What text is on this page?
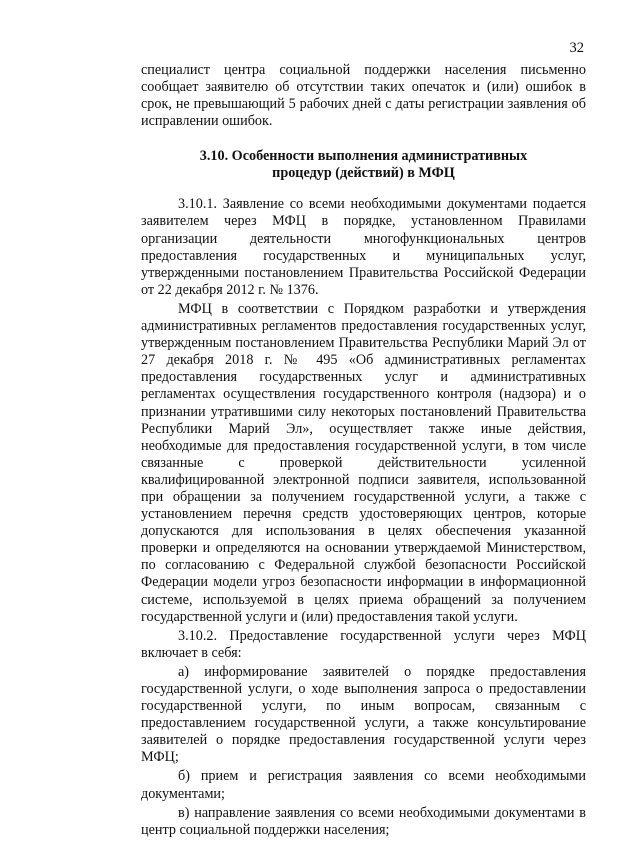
32

специалист центра социальной поддержки населения письменно сообщает заявителю об отсутствии таких опечаток и (или) ошибок в срок, не превышающий 5 рабочих дней с даты регистрации заявления об исправлении ошибок.

3.10. Особенности выполнения административных
процедур (действий) в МФЦ

3.10.1. Заявление со всеми необходимыми документами подается заявителем через МФЦ в порядке, установленном Правилами организации деятельности многофункциональных центров предоставления государственных и муниципальных услуг, утвержденными постановлением Правительства Российской Федерации от 22 декабря 2012 г. № 1376.

МФЦ в соответствии с Порядком разработки и утверждения административных регламентов предоставления государственных услуг, утвержденным постановлением Правительства Республики Марий Эл от 27 декабря 2018 г. № 495 «Об административных регламентах предоставления государственных услуг и административных регламентах осуществления государственного контроля (надзора) и о признании утратившими силу некоторых постановлений Правительства Республики Марий Эл», осуществляет также иные действия, необходимые для предоставления государственной услуги, в том числе связанные с проверкой действительности усиленной квалифицированной электронной подписи заявителя, использованной при обращении за получением государственной услуги, а также с установлением перечня средств удостоверяющих центров, которые допускаются для использования в целях обеспечения указанной проверки и определяются на основании утверждаемой Министерством, по согласованию с Федеральной службой безопасности Российской Федерации модели угроз безопасности информации в информационной системе, используемой в целях приема обращений за получением государственной услуги и (или) предоставления такой услуги.

3.10.2. Предоставление государственной услуги через МФЦ включает в себя:

а) информирование заявителей о порядке предоставления государственной услуги, о ходе выполнения запроса о предоставлении государственной услуги, по иным вопросам, связанным с предоставлением государственной услуги, а также консультирование заявителей о порядке предоставления государственной услуги через МФЦ;

б) прием и регистрация заявления со всеми необходимыми документами;

в) направление заявления со всеми необходимыми документами в центр социальной поддержки населения;
